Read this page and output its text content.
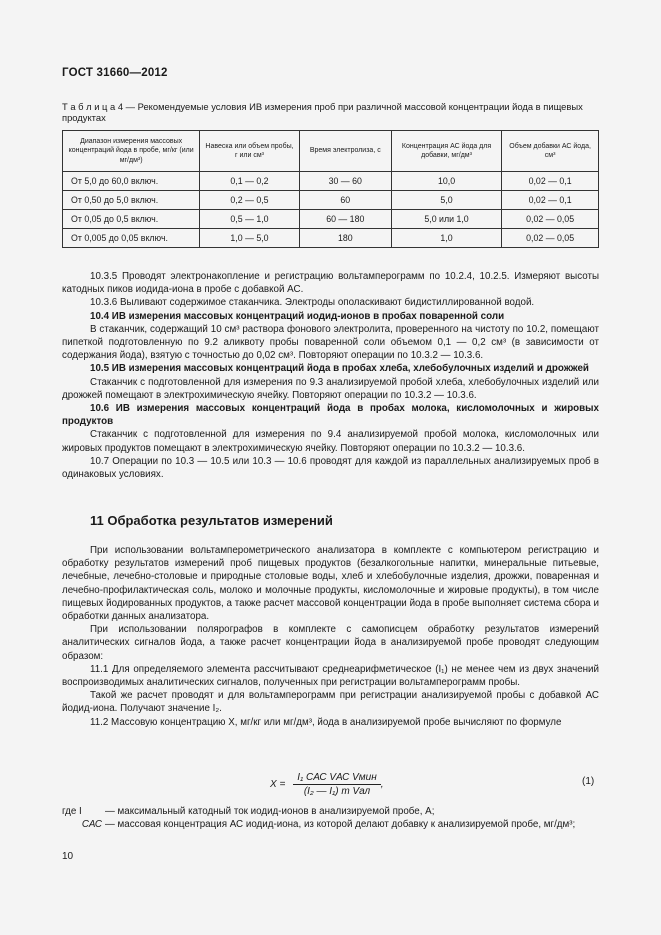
ГОСТ 31660—2012
Т а б л и ц а 4 — Рекомендуемые условия ИВ измерения проб при различной массовой концентрации йода в пищевых продуктах
Диапазон измерения массовых концентраций йода в пробе, мг/кг (или мг/дм³)	Навеска или объем пробы, г или см³	Время электролиза, с	Концентрация АС йода для добавки, мг/дм³	Объем добавки АС йода, см³
От 5,0 до 60,0 включ.	0,1 — 0,2	30 — 60	10,0	0,02 — 0,1
От 0,50 до 5,0 включ.	0,2 — 0,5	60	5,0	0,02 — 0,1
От 0,05 до 0,5 включ.	0,5 — 1,0	60 — 180	5,0 или 1,0	0,02 — 0,05
От 0,005 до 0,05 включ.	1,0 — 5,0	180	1,0	0,02 — 0,05

10.3.5 Проводят электронакопление и регистрацию вольтамперограмм по 10.2.4, 10.2.5. Измеряют высоты катодных пиков иодида-иона в пробе с добавкой АС.

10.3.6 Выливают содержимое стаканчика. Электроды ополаскивают бидистиллированной водой.

10.4 ИВ измерения массовых концентраций иодид-ионов в пробах поваренной соли

В стаканчик, содержащий 10 см³ раствора фонового электролита, проверенного на чистоту по 10.2, помещают пипеткой подготовленную по 9.2 аликвоту пробы поваренной соли объемом 0,1 — 0,2 см³ (в зависимости от содержания йода), взятую с точностью до 0,02 см³. Повторяют операции по 10.3.2 — 10.3.6.

10.5 ИВ измерения массовых концентраций йода в пробах хлеба, хлебобулочных изделий и дрожжей

Стаканчик с подготовленной для измерения по 9.3 анализируемой пробой хлеба, хлебобулочных изделий или дрожжей помещают в электрохимическую ячейку. Повторяют операции по 10.3.2 — 10.3.6.

10.6 ИВ измерения массовых концентраций йода в пробах молока, кисломолочных и жировых продуктов

Стаканчик с подготовленной для измерения по 9.4 анализируемой пробой молока, кисломолочных или жировых продуктов помещают в электрохимическую ячейку. Повторяют операции по 10.3.2 — 10.3.6.

10.7 Операции по 10.3 — 10.5 или 10.3 — 10.6 проводят для каждой из параллельных анализируемых проб в одинаковых условиях.

11 Обработка результатов измерений

При использовании вольтамперометрического анализатора в комплекте с компьютером регистрацию и обработку результатов измерений проб пищевых продуктов (безалкогольные напитки, минеральные питьевые, лечебные, лечебно-столовые и природные столовые воды, хлеб и хлебобулочные изделия, дрожжи, поваренная и лечебно-профилактическая соль, молоко и молочные продукты, кисломолочные и жировые продукты), в том числе пищевых йодированных продуктов, а также расчет массовой концентрации йода в пробе выполняет система сбора и обработки данных анализатора.

При использовании полярографов в комплекте с самописцем обработку результатов измерений аналитических сигналов йода, а также расчет концентрации йода в анализируемой пробе проводят следующим образом:

11.1 Для определяемого элемента рассчитывают среднеарифметическое (I₁) не менее чем из двух значений воспроизводимых аналитических сигналов, полученных при регистрации вольтамперограмм пробы.

Такой же расчет проводят и для вольтамперограмм при регистрации анализируемой пробы с добавкой АС йодид-иона. Получают значение I₂.

11.2 Массовую концентрацию X, мг/кг или мг/дм³, йода в анализируемой пробе вычисляют по формуле

$X = \frac{\text{I₁ CАС VАС Vмин}}{\text{(I₂ — I₁) m Vал}}$ ,	(1)
где I	— максимальный катодный ток иодид-ионов в анализируемой пробе, А;
CАС — массовая концентрация АС иодид-иона, из которой делают добавку к анализируемой пробе, мг/дм³;
10
